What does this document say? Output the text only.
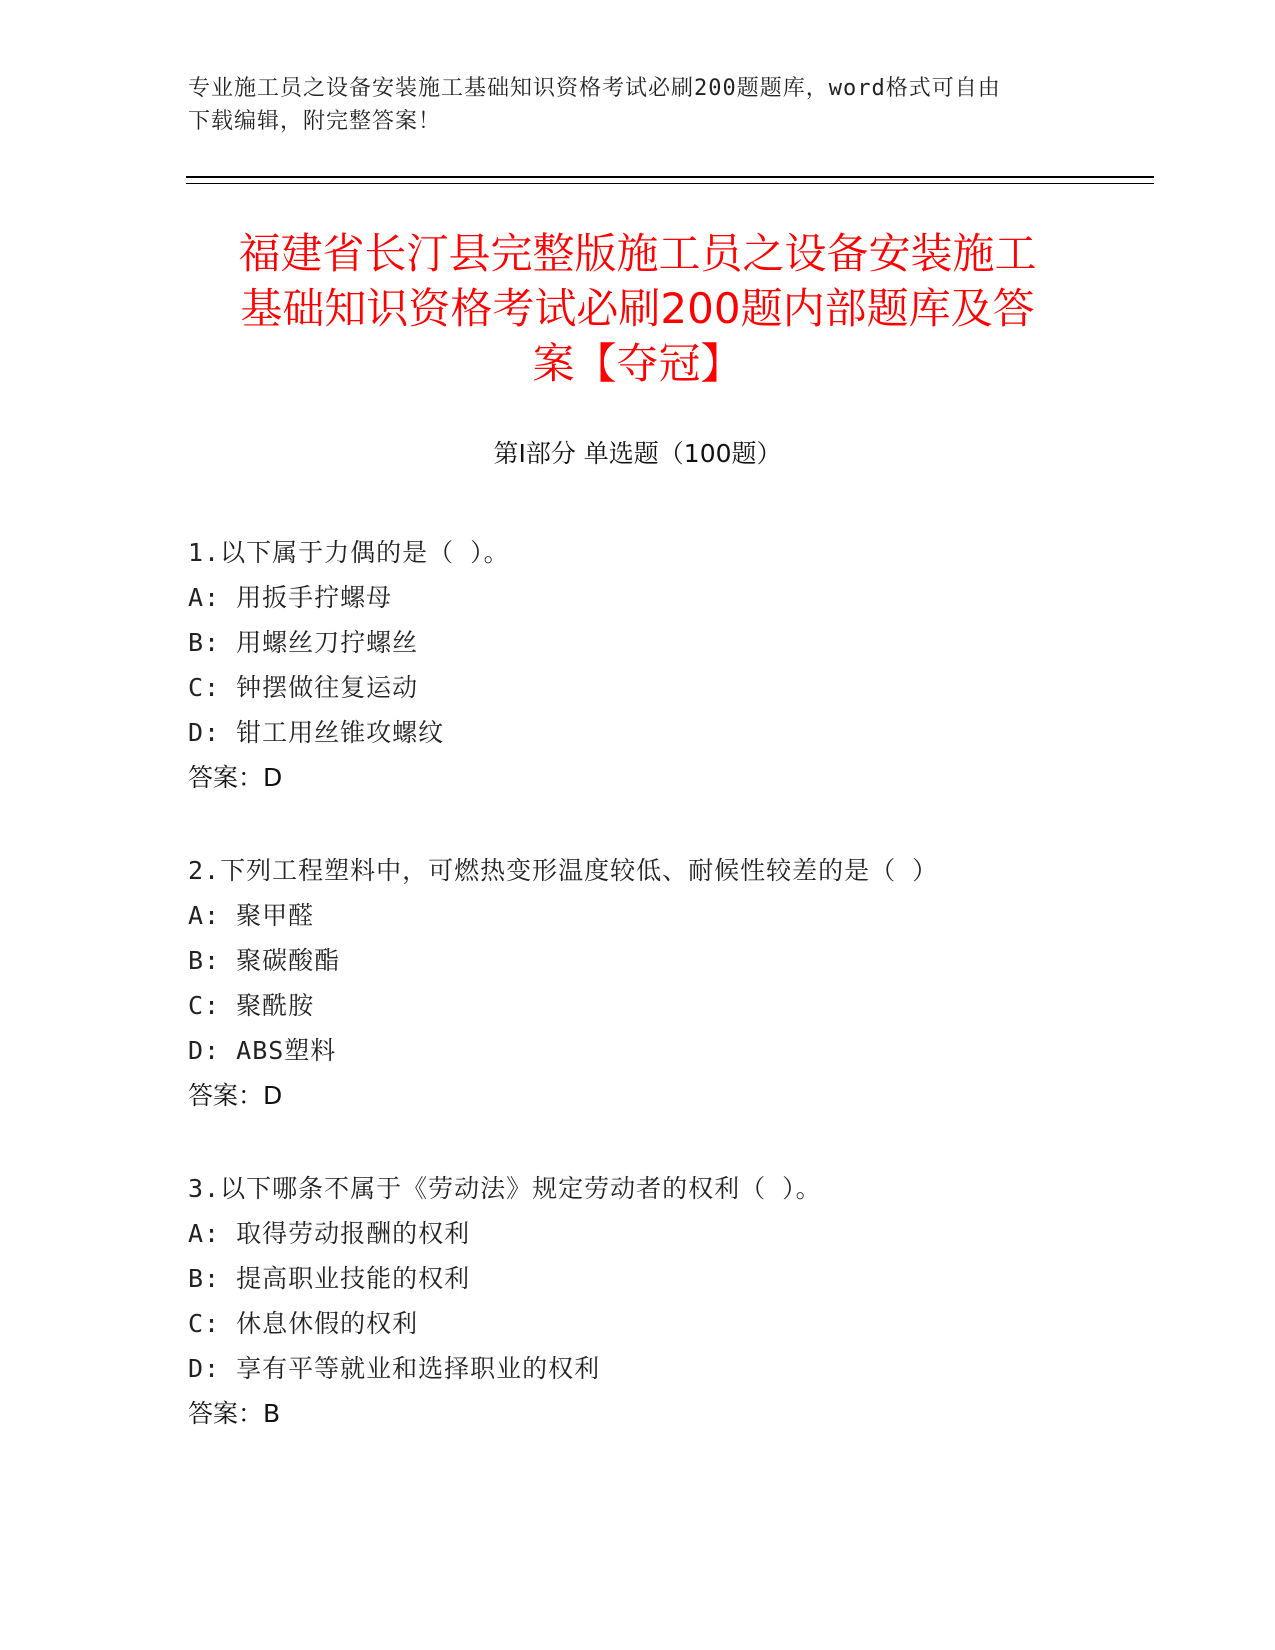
专业施工员之设备安装施工基础知识资格考试必刷200题题库，word格式可自由
下载编辑，附完整答案！
福建省长汀县完整版施工员之设备安装施工
基础知识资格考试必刷200题内部题库及答
案【夺冠】
第Ⅰ部分 单选题（100题）
1.以下属于力偶的是（ ）。
A: 用扳手拧螺母
B: 用螺丝刀拧螺丝
C: 钟摆做往复运动
D: 钳工用丝锥攻螺纹
答案：D
2.下列工程塑料中，可燃热变形温度较低、耐候性较差的是（ ）
A: 聚甲醛
B: 聚碳酸酯
C: 聚酰胺
D: ABS塑料
答案：D
3.以下哪条不属于《劳动法》规定劳动者的权利（ ）。
A: 取得劳动报酬的权利
B: 提高职业技能的权利
C: 休息休假的权利
D: 享有平等就业和选择职业的权利
答案：B
